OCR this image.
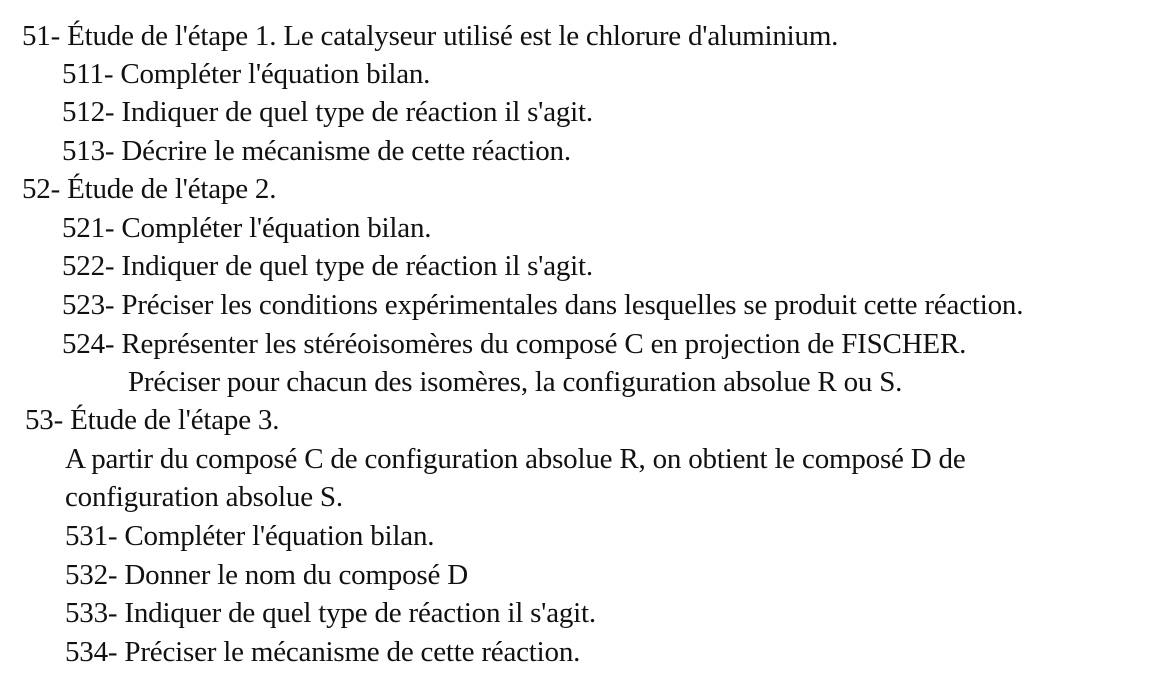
51- Étude de l'étape 1. Le catalyseur utilisé est le chlorure d'aluminium.
511- Compléter l'équation bilan.
512- Indiquer de quel type de réaction il s'agit.
513- Décrire le mécanisme de cette réaction.
52- Étude de l'étape 2.
521- Compléter l'équation bilan.
522- Indiquer de quel type de réaction il s'agit.
523- Préciser les conditions expérimentales dans lesquelles se produit cette réaction.
524- Représenter les stéréoisomères du composé C en projection de FISCHER.
Préciser pour chacun des isomères, la configuration absolue R ou S.
53- Étude de l'étape 3.
A partir du composé C de configuration absolue R, on obtient le composé D de
configuration absolue S.
531- Compléter l'équation bilan.
532- Donner le nom du composé D
533- Indiquer de quel type de réaction il s'agit.
534- Préciser le mécanisme de cette réaction.
